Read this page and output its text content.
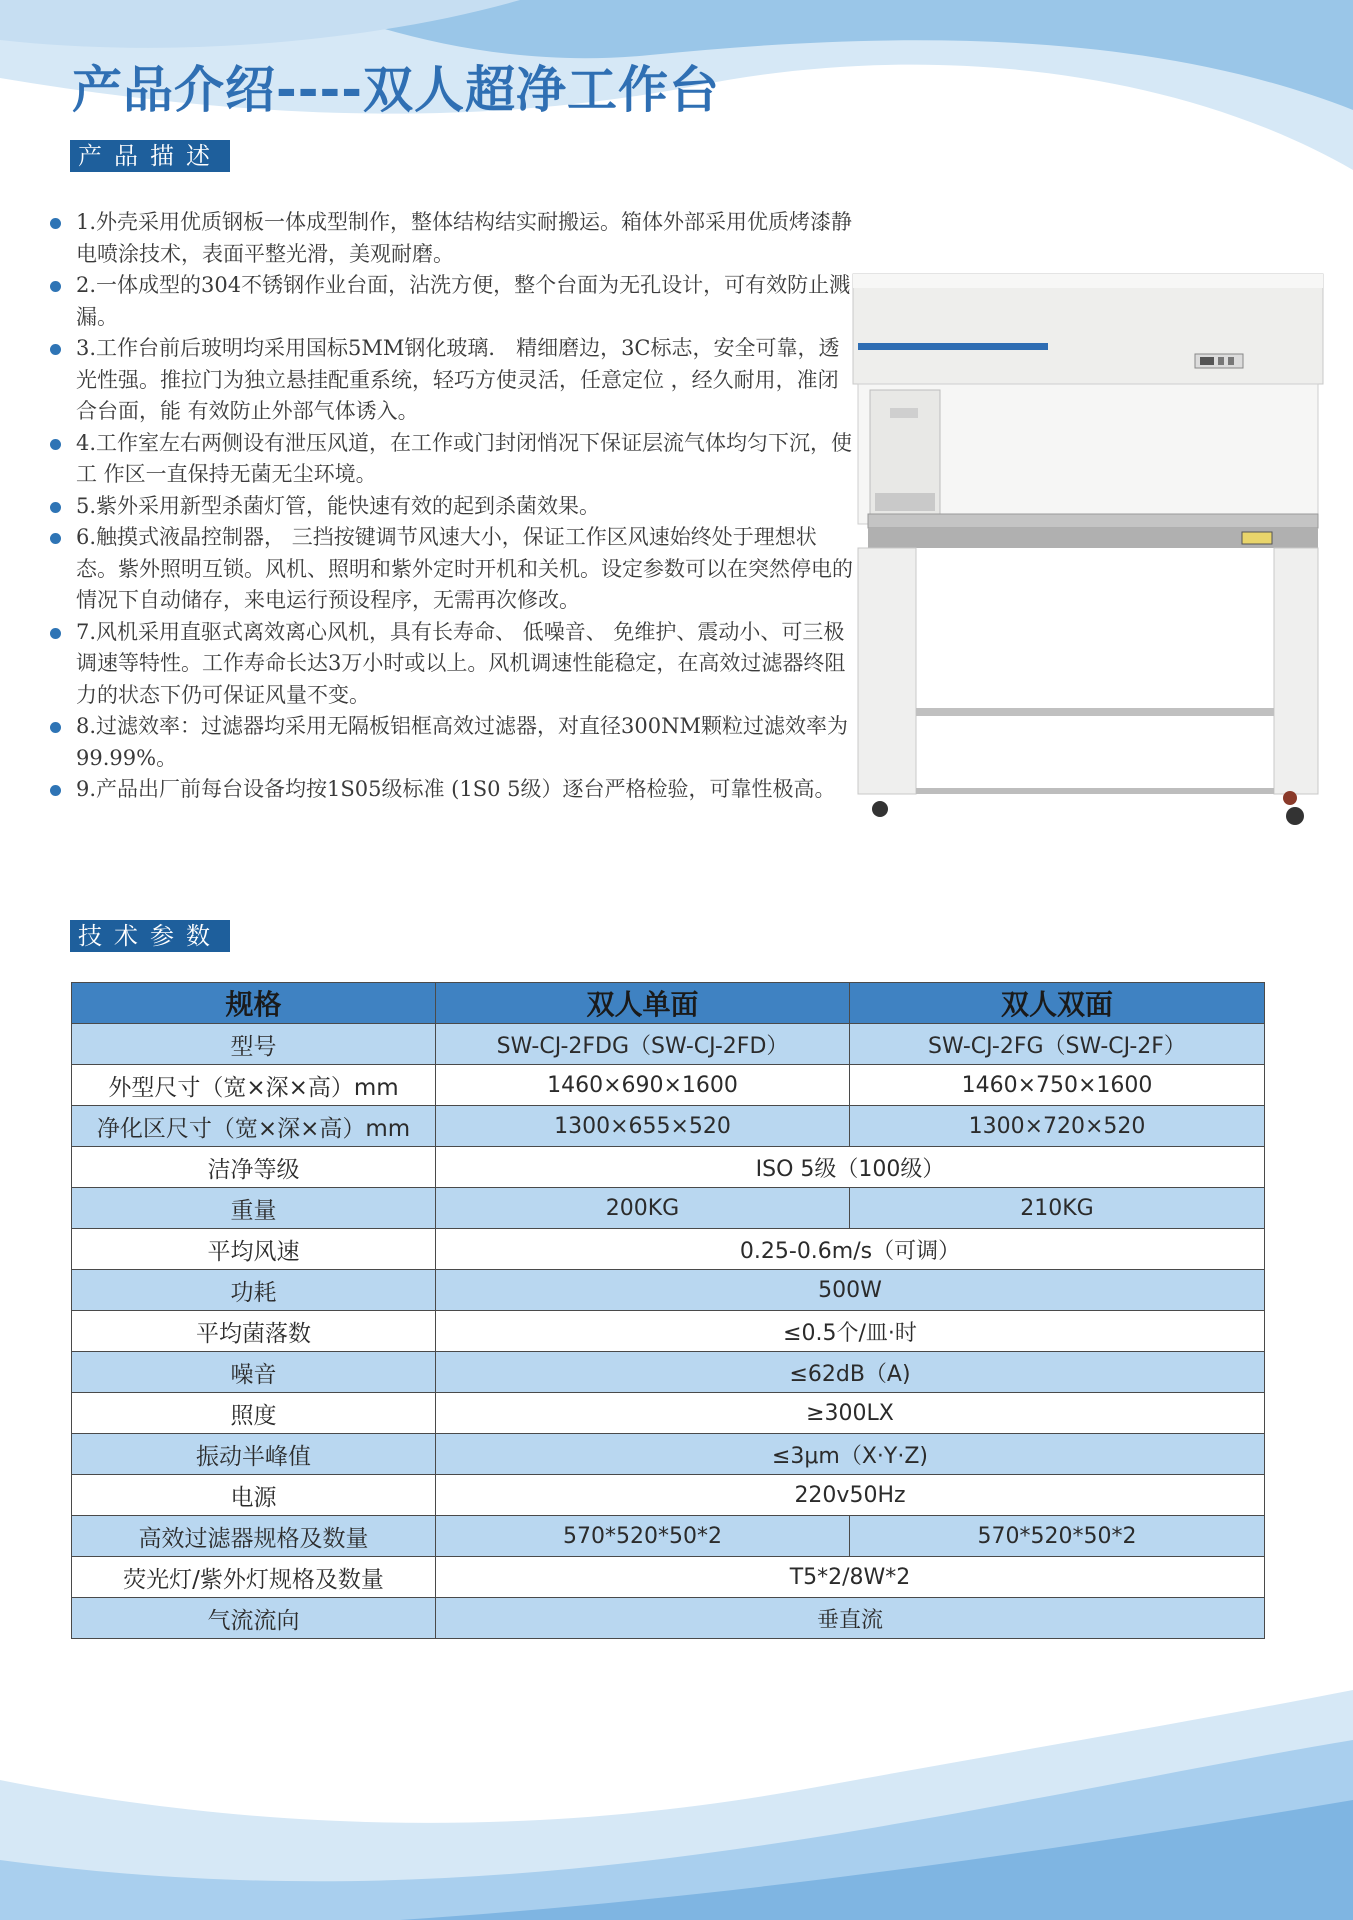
产品介绍----双人超净工作台
产品描述
1.外壳采用优质钢板一体成型制作，整体结构结实耐搬运。箱体外部采用优质烤漆静电喷涂技术，表面平整光滑，美观耐磨。
2.一体成型的304不锈钢作业台面，沾洗方便，整个台面为无孔设计，可有效防止溅漏。
3.工作台前后玻明均采用国标5MM钢化玻璃． 精细磨边，3C标志，安全可靠，透光性强。推拉门为独立悬挂配重系统，轻巧方使灵活，任意定位 ，经久耐用，准闭合台面，能 有效防止外部气体诱入。
4.工作室左右两侧设有泄压风道，在工作或门封闭悄况下保证层流气体均匀下沉，使工 作区一直保持无菌无尘环境。
5.紫外采用新型杀菌灯管，能快速有效的起到杀菌效果。
6.触摸式液晶控制器， 三挡按键调节风速大小，保证工作区风速始终处于理想状态。紫外照明互锁。风机、照明和紫外定时开机和关机。设定参数可以在突然停电的情况下自动储存，来电运行预设程序，无需再次修改。
7.风机采用直驱式离效离心风机，具有长寿命、 低噪音、 免维护、震动小、可三极调速等特性。工作寿命长达3万小时或以上。风机调速性能稳定，在高效过滤器终阻力的状态下仍可保证风量不变。
8.过滤效率：过滤器均采用无隔板铝框高效过滤器，对直径300NM颗粒过滤效率为99.99%。
9.产品出厂前每台设备均按1S05级标准 (1S0 5级）逐台严格检验，可靠性极高。
技术参数
规格	双人单面	双人双面
型号	SW-CJ-2FDG（SW-CJ-2FD）	SW-CJ-2FG（SW-CJ-2F）
外型尺寸（宽×深×高）mm	1460×690×1600	1460×750×1600
净化区尺寸（宽×深×高）mm	1300×655×520	1300×720×520
洁净等级	ISO 5级（100级）	
重量	200KG	210KG
平均风速	0.25-0.6m/s（可调）	
功耗	500W	
平均菌落数	≤0.5个/皿·时	
噪音	≤62dB（A)	
照度	≥300LX	
振动半峰值	≤3μm（X·Y·Z)	
电源	220v50Hz	
高效过滤器规格及数量	570*520*50*2	570*520*50*2
荧光灯/紫外灯规格及数量	T5*2/8W*2	
气流流向	垂直流	
